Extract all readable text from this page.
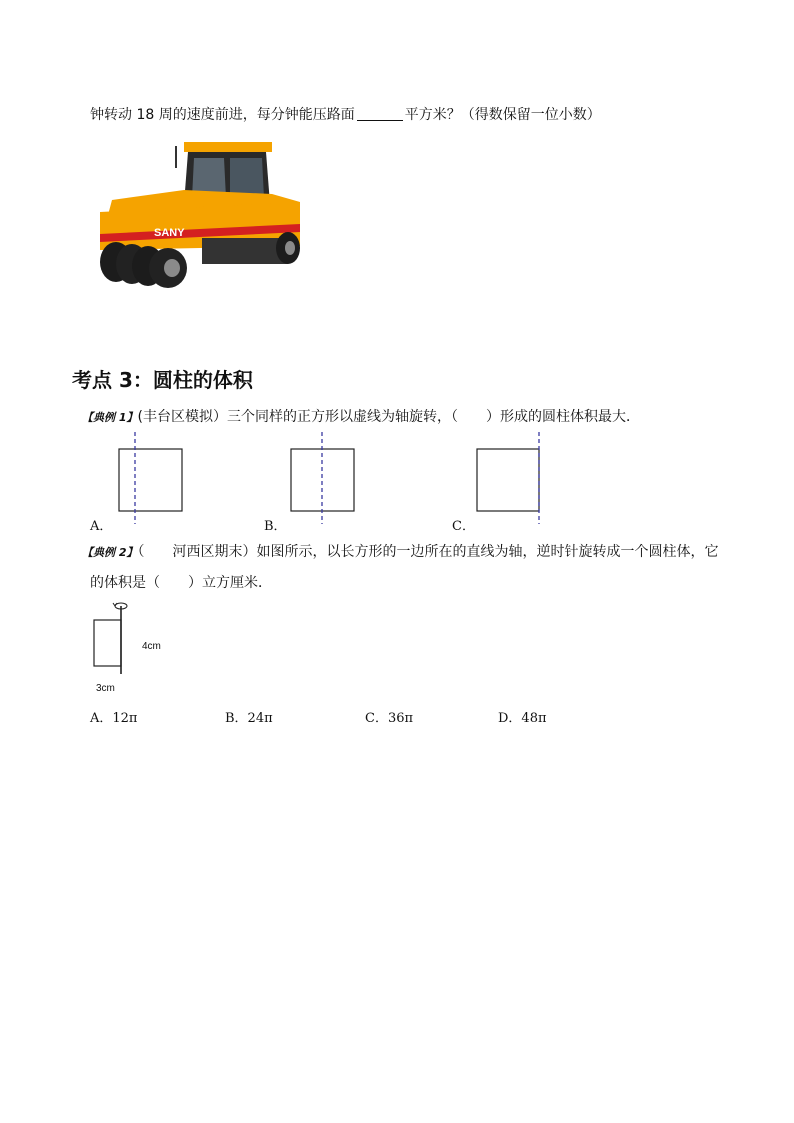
钟转动 18 周的速度前进，每分钟能压路面	平方米？（得数保留一位小数）
SANY
考点 3：圆柱的体积
【典例 1】(丰台区模拟）三个同样的正方形以虚线为轴旋转，（　　）形成的圆柱体积最大．
A．	B．	C．
【典例 2】（　　河西区期末）如图所示，以长方形的一边所在的直线为轴，逆时针旋转成一个圆柱体，它
的体积是（　　）立方厘米．
4cm
3cm
A．12π	B．24π	C．36π	D．48π
